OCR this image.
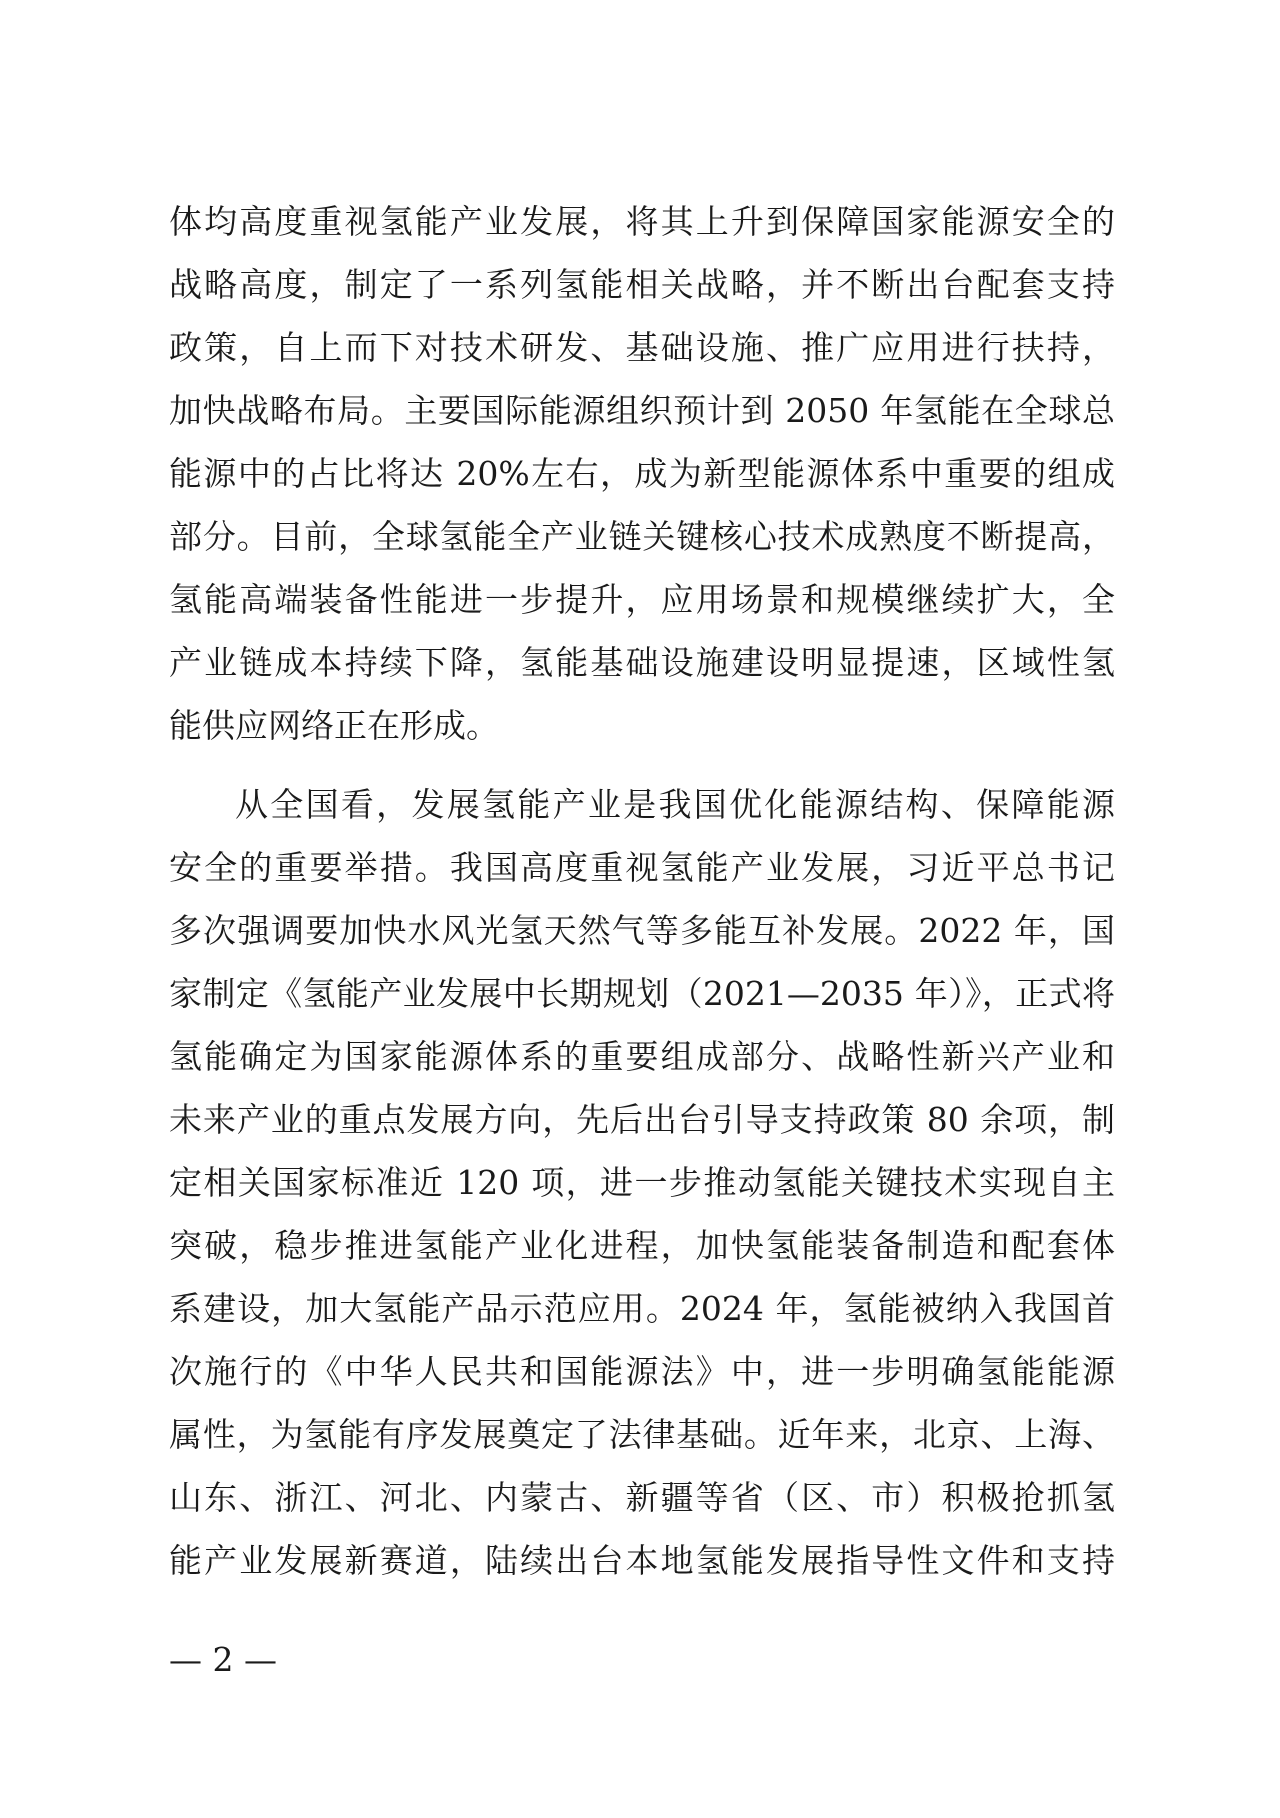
体均高度重视氢能产业发展，将其上升到保障国家能源安全的
战略高度，制定了一系列氢能相关战略，并不断出台配套支持
政策，自上而下对技术研发、基础设施、推广应用进行扶持，
加快战略布局。主要国际能源组织预计到 2050 年氢能在全球总
能源中的占比将达 20%左右，成为新型能源体系中重要的组成
部分。目前，全球氢能全产业链关键核心技术成熟度不断提高，
氢能高端装备性能进一步提升，应用场景和规模继续扩大，全
产业链成本持续下降，氢能基础设施建设明显提速，区域性氢
能供应网络正在形成。
从全国看，发展氢能产业是我国优化能源结构、保障能源
安全的重要举措。我国高度重视氢能产业发展，习近平总书记
多次强调要加快水风光氢天然气等多能互补发展。2022 年，国
家制定《氢能产业发展中长期规划（2021—2035 年）》，正式将
氢能确定为国家能源体系的重要组成部分、战略性新兴产业和
未来产业的重点发展方向，先后出台引导支持政策 80 余项，制
定相关国家标准近 120 项，进一步推动氢能关键技术实现自主
突破，稳步推进氢能产业化进程，加快氢能装备制造和配套体
系建设，加大氢能产品示范应用。2024 年，氢能被纳入我国首
次施行的《中华人民共和国能源法》中，进一步明确氢能能源
属性，为氢能有序发展奠定了法律基础。近年来，北京、上海、
山东、浙江、河北、内蒙古、新疆等省（区、市）积极抢抓氢
能产业发展新赛道，陆续出台本地氢能发展指导性文件和支持
— 2 —
